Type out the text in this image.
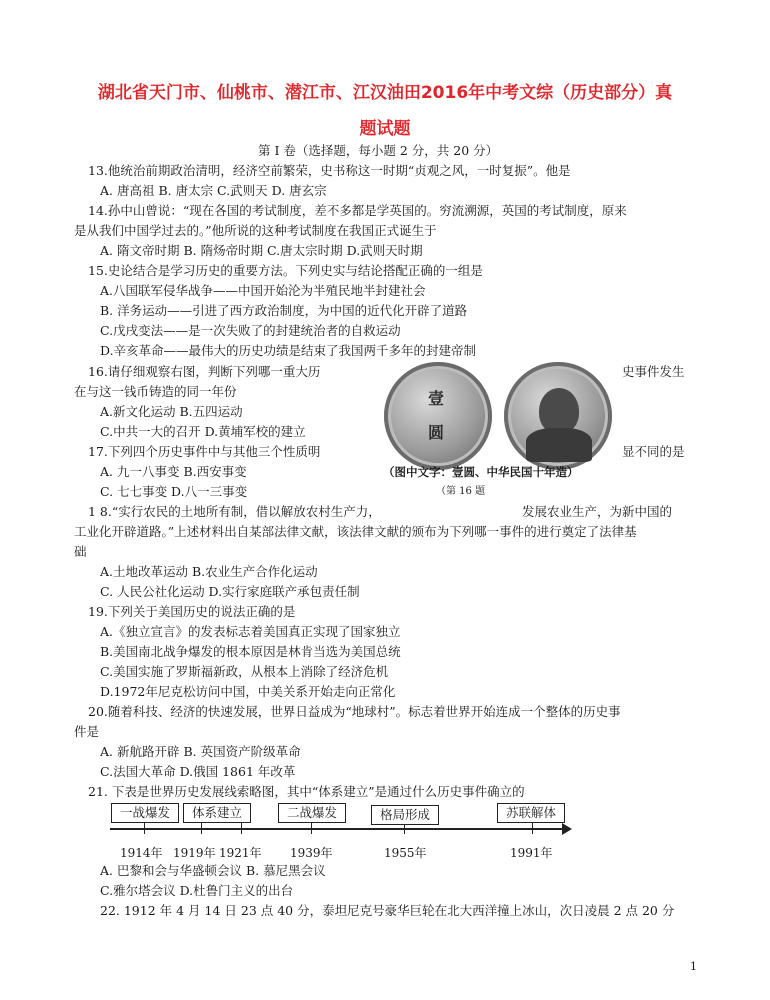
湖北省天门市、仙桃市、潜江市、江汉油田2016年中考文综（历史部分）真
题试题
第 I 卷（选择题，每小题 2 分，共 20 分）
13.他统治前期政治清明，经济空前繁荣，史书称这一时期“贞观之风，一时复振”。他是
A. 唐高祖 B. 唐太宗 C.武则天 D. 唐玄宗
14.孙中山曾说：“现在各国的考试制度，差不多都是学英国的。穷流溯源，英国的考试制度，原来
是从我们中国学过去的。”他所说的这种考试制度在我国正式诞生于
A. 隋文帝时期 B. 隋炀帝时期 C.唐太宗时期 D.武则天时期
15.史论结合是学习历史的重要方法。下列史实与结论搭配正确的一组是
A.八国联军侵华战争——中国开始沦为半殖民地半封建社会
B. 洋务运动——引进了西方政治制度，为中国的近代化开辟了道路
C.戊戌变法——是一次失败了的封建统治者的自救运动
D.辛亥革命——最伟大的历史功绩是结束了我国两千多年的封建帝制
16.请仔细观察右图，判断下列哪一重大历	史事件发生
在与这一钱币铸造的同一年份
A.新文化运动 B.五四运动
C.中共一大的召开 D.黄埔军校的建立
17.下列四个历史事件中与其他三个性质明	显不同的是
A. 九一八事变 B.西安事变
C. 七七事变 D.八一三事变
壹
圆
（图中文字：壹圆、中华民国十年造）
（第 16 题
1 8.“实行农民的土地所有制，借以解放农村生产力，	发展农业生产，为新中国的
工业化开辟道路。”上述材料出自某部法律文献，该法律文献的颁布为下列哪一事件的进行奠定了法律基
础
A.土地改革运动 B.农业生产合作化运动
C. 人民公社化运动 D.实行家庭联产承包责任制
19.下列关于美国历史的说法正确的是
A.《独立宣言》的发表标志着美国真正实现了国家独立
B.美国南北战争爆发的根本原因是林肯当选为美国总统
C.美国实施了罗斯福新政，从根本上消除了经济危机
D.1972年尼克松访问中国，中美关系开始走向正常化
20.随着科技、经济的快速发展，世界日益成为“地球村”。标志着世界开始连成一个整体的历史事
件是
A. 新航路开辟 B. 英国资产阶级革命
C.法国大革命 D.俄国 1861 年改革
21. 下表是世界历史发展线索略图，其中“体系建立”是通过什么历史事件确立的
一战爆发	体系建立	二战爆发	格局形成	苏联解体
1914年 1919年 1921年 1939年	1955年	1991年
A. 巴黎和会与华盛顿会议 B. 慕尼黑会议
C.雅尔塔会议 D.杜鲁门主义的出台
22. 1912 年 4 月 14 日 23 点 40 分，泰坦尼克号豪华巨轮在北大西洋撞上冰山，次日凌晨 2 点 20 分
1
